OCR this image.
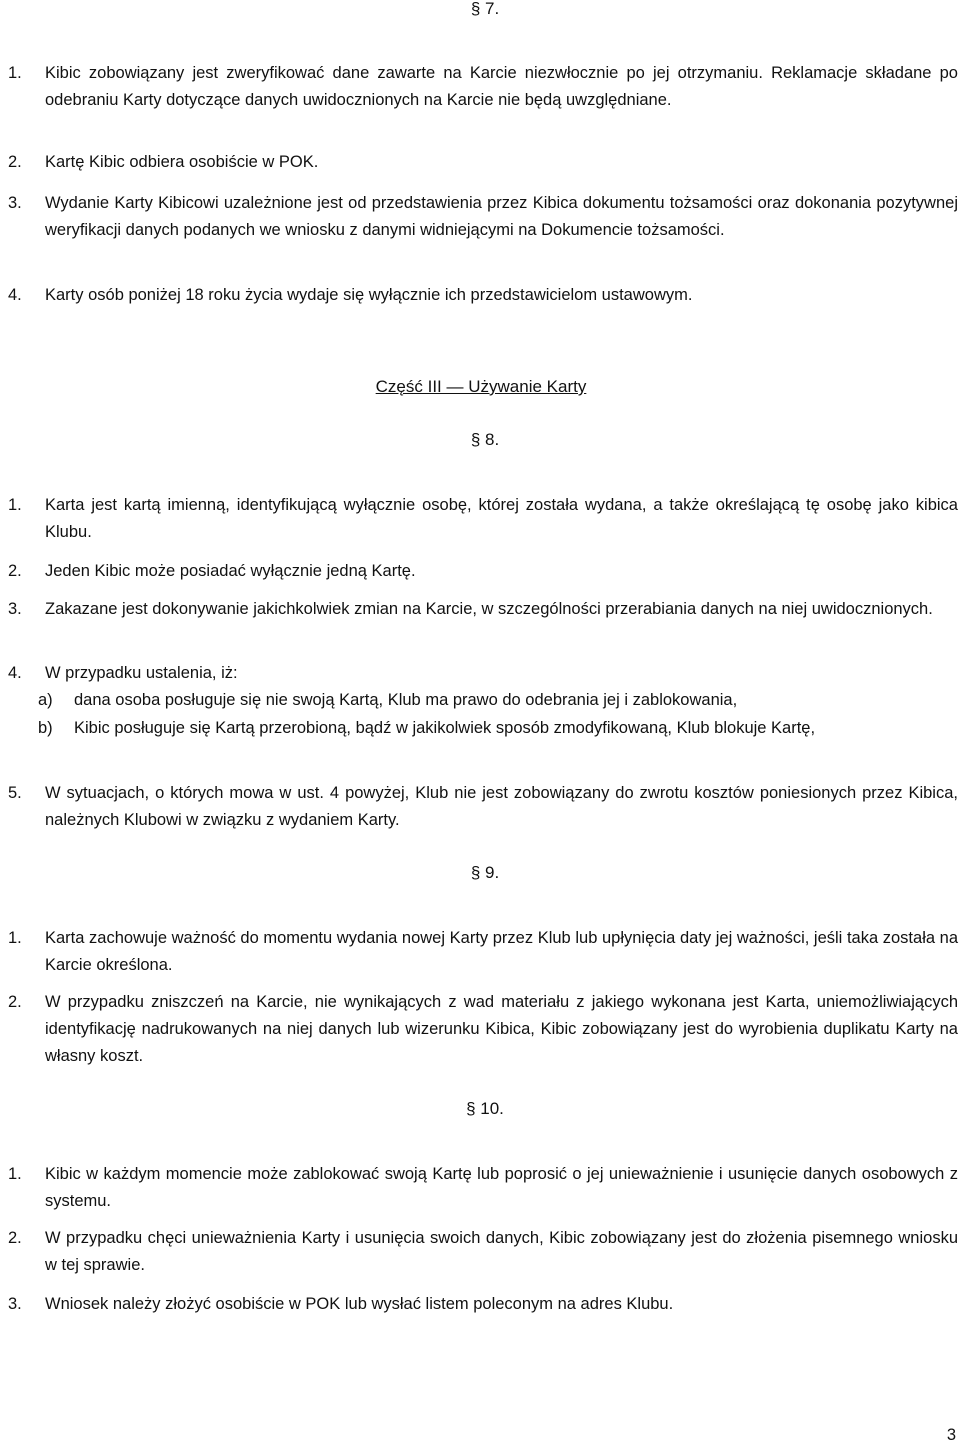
§ 7.
1.	Kibic zobowiązany jest zweryfikować dane zawarte na Karcie niezwłocznie po jej otrzymaniu. Reklamacje składane po odebraniu Karty dotyczące danych uwidocznionych na Karcie nie będą uwzględniane.
2.	Kartę Kibic odbiera osobiście w POK.
3.	Wydanie Karty Kibicowi uzależnione jest od przedstawienia przez Kibica dokumentu tożsamości oraz dokonania pozytywnej weryfikacji danych podanych we wniosku z danymi widniejącymi na Dokumencie tożsamości.
4.	Karty osób poniżej 18 roku życia wydaje się wyłącznie ich przedstawicielom ustawowym.
Część III — Używanie Karty
§ 8.
1.	Karta jest kartą imienną, identyfikującą wyłącznie osobę, której została wydana, a także określającą tę osobę jako kibica Klubu.
2.	Jeden Kibic może posiadać wyłącznie jedną Kartę.
3.	Zakazane jest dokonywanie jakichkolwiek zmian na Karcie, w szczególności przerabiania danych na niej uwidocznionych.
4.	W przypadku ustalenia, iż:
a)	dana osoba posługuje się nie swoją Kartą, Klub ma prawo do odebrania jej i zablokowania,
b)	Kibic posługuje się Kartą przerobioną, bądź w jakikolwiek sposób zmodyfikowaną, Klub blokuje Kartę,
5.	W sytuacjach, o których mowa w ust. 4 powyżej, Klub nie jest zobowiązany do zwrotu kosztów poniesionych przez Kibica, należnych Klubowi w związku z wydaniem Karty.
§ 9.
1.	Karta zachowuje ważność do momentu wydania nowej Karty przez Klub lub upłynięcia daty jej ważności, jeśli taka została na Karcie określona.
2.	W przypadku zniszczeń na Karcie, nie wynikających z wad materiału z jakiego wykonana jest Karta, uniemożliwiających identyfikację nadrukowanych na niej danych lub wizerunku Kibica, Kibic zobowiązany jest do wyrobienia duplikatu Karty na własny koszt.
§ 10.
1.	Kibic w każdym momencie może zablokować swoją Kartę lub poprosić o jej unieważnienie i usunięcie danych osobowych z systemu.
2.	W przypadku chęci unieważnienia Karty i usunięcia swoich danych, Kibic zobowiązany jest do złożenia pisemnego wniosku w tej sprawie.
3.	Wniosek należy złożyć osobiście w POK lub wysłać listem poleconym na adres Klubu.
3
